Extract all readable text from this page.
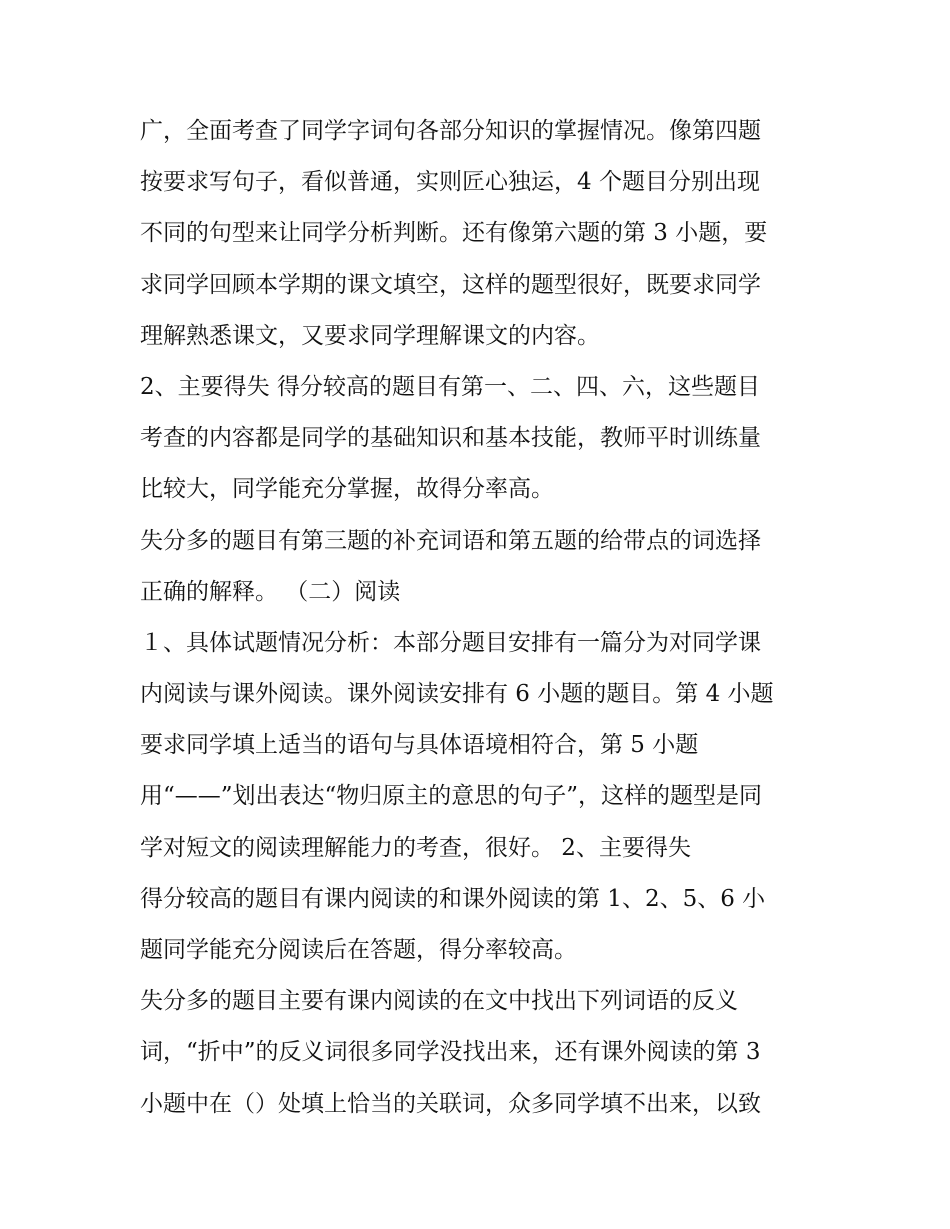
广，全面考查了同学字词句各部分知识的掌握情况。像第四题
按要求写句子，看似普通，实则匠心独运，4 个题目分别出现
不同的句型来让同学分析判断。还有像第六题的第 3 小题，要
求同学回顾本学期的课文填空，这样的题型很好，既要求同学
理解熟悉课文，又要求同学理解课文的内容。
2、主要得失 得分较高的题目有第一、二、四、六，这些题目
考查的内容都是同学的基础知识和基本技能，教师平时训练量
比较大，同学能充分掌握，故得分率高。
失分多的题目有第三题的补充词语和第五题的给带点的词选择
正确的解释。 （二）阅读
１、具体试题情况分析：本部分题目安排有一篇分为对同学课
内阅读与课外阅读。课外阅读安排有 6 小题的题目。第 4 小题
要求同学填上适当的语句与具体语境相符合，第 5 小题
用“——”划出表达“物归原主的意思的句子”，这样的题型是同
学对短文的阅读理解能力的考查，很好。 2、主要得失
得分较高的题目有课内阅读的和课外阅读的第 1、2、5、6 小
题同学能充分阅读后在答题，得分率较高。
失分多的题目主要有课内阅读的在文中找出下列词语的反义
词，“折中”的反义词很多同学没找出来，还有课外阅读的第 3
小题中在（）处填上恰当的关联词，众多同学填不出来，以致
